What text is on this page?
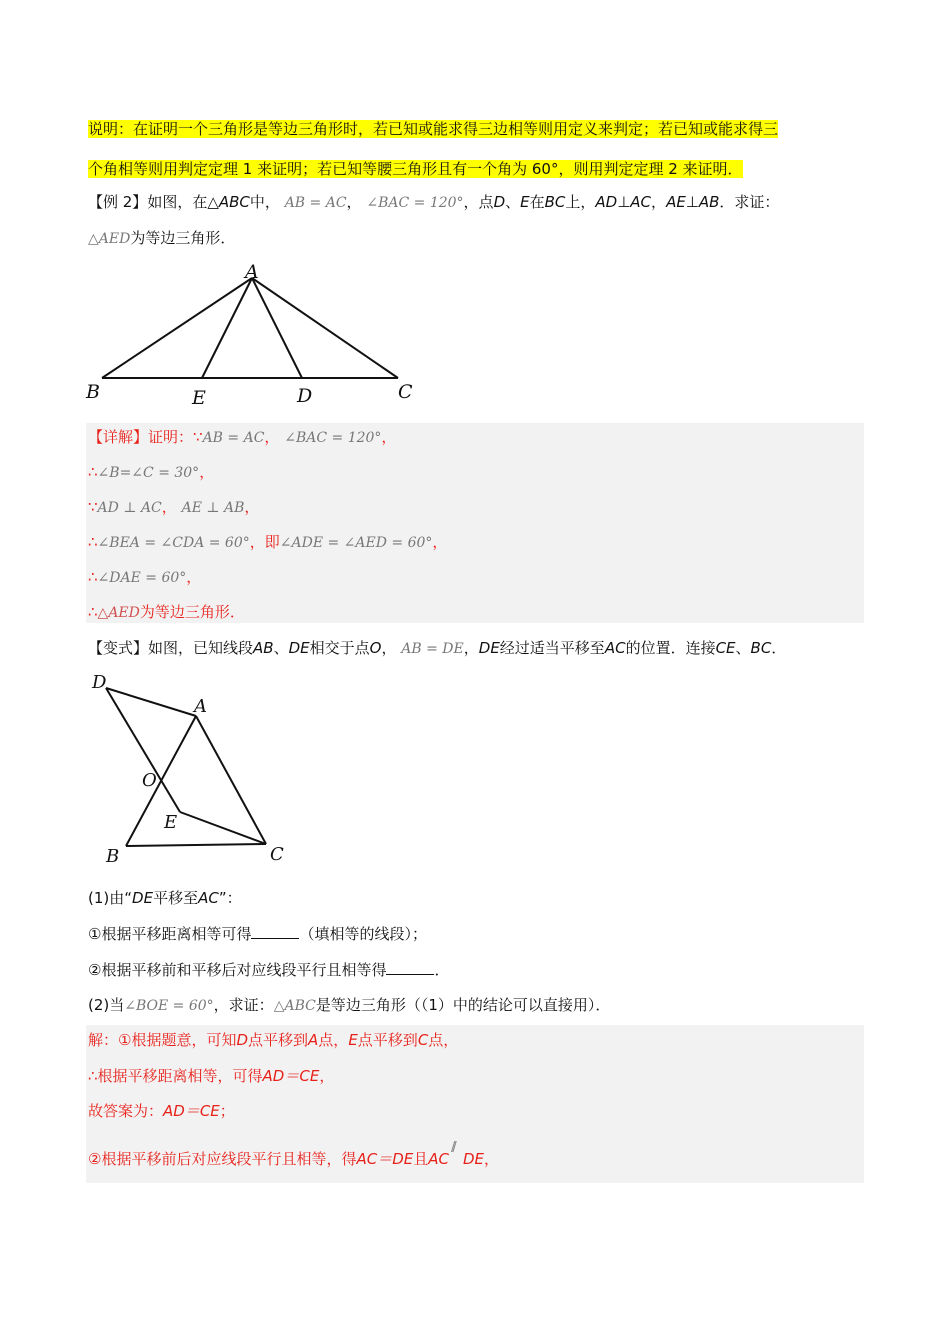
说明：在证明一个三角形是等边三角形时，若已知或能求得三边相等则用定义来判定；若已知或能求得三
个角相等则用判定定理 1 来证明；若已知等腰三角形且有一个角为 60°，则用判定定理 2 来证明．
【例 2】如图，在△ABC中， AB = AC， ∠BAC = 120°，点D、E在BC上，AD⊥AC，AE⊥AB．求证：
△AED为等边三角形．
A
B	C
D
E
【详解】证明：∵AB = AC， ∠BAC = 120°，
∴∠B=∠C = 30°，
∵AD ⊥ AC， AE ⊥ AB，
∴∠BEA = ∠CDA = 60°，即∠ADE = ∠AED = 60°，
∴∠DAE = 60°，
∴△AED为等边三角形．
【变式】如图，已知线段AB、DE相交于点O， AB = DE，DE经过适当平移至AC的位置．连接CE、BC．
D
A
O
E
B	C
(1)由“DE平移至AC”：
①根据平移距离相等可得	（填相等的线段）；
②根据平移前和平移后对应线段平行且相等得	．
(2)当∠BOE = 60°，求证：△ABC是等边三角形（（1）中的结论可以直接用）．
解：①根据题意，可知D点平移到A点，E点平移到C点，
∴根据平移距离相等，可得AD＝CE，
故答案为：AD＝CE；
②根据平移前后对应线段平行且相等，得AC＝DE且AC
//
DE，
